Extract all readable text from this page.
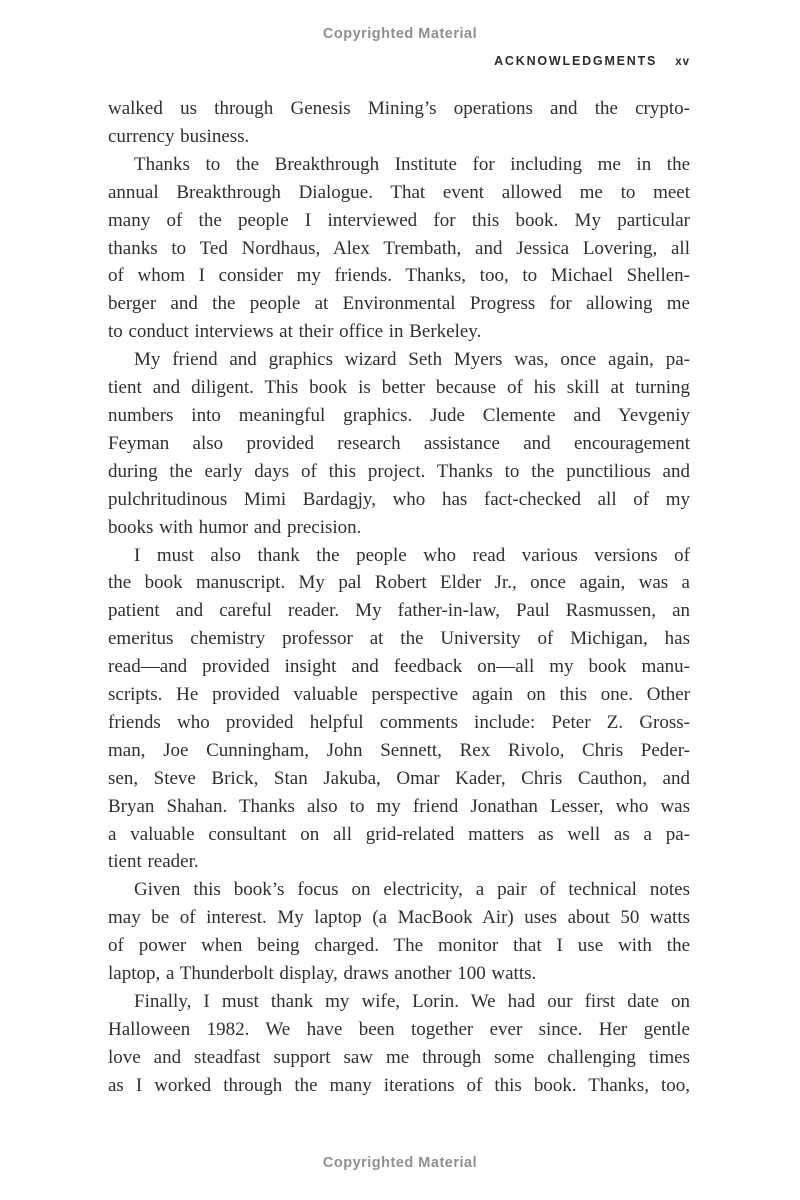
Copyrighted Material
ACKNOWLEDGMENTS xv
walked us through Genesis Mining’s operations and the crypto-
currency business.
Thanks to the Breakthrough Institute for including me in the
annual Breakthrough Dialogue. That event allowed me to meet
many of the people I interviewed for this book. My particular
thanks to Ted Nordhaus, Alex Trembath, and Jessica Lovering, all
of whom I consider my friends. Thanks, too, to Michael Shellen-
berger and the people at Environmental Progress for allowing me
to conduct interviews at their office in Berkeley.
My friend and graphics wizard Seth Myers was, once again, pa-
tient and diligent. This book is better because of his skill at turning
numbers into meaningful graphics. Jude Clemente and Yevgeniy
Feyman also provided research assistance and encouragement
during the early days of this project. Thanks to the punctilious and
pulchritudinous Mimi Bardagjy, who has fact-checked all of my
books with humor and precision.
I must also thank the people who read various versions of
the book manuscript. My pal Robert Elder Jr., once again, was a
patient and careful reader. My father-in-law, Paul Rasmussen, an
emeritus chemistry professor at the University of Michigan, has
read—and provided insight and feedback on—all my book manu-
scripts. He provided valuable perspective again on this one. Other
friends who provided helpful comments include: Peter Z. Gross-
man, Joe Cunningham, John Sennett, Rex Rivolo, Chris Peder-
sen, Steve Brick, Stan Jakuba, Omar Kader, Chris Cauthon, and
Bryan Shahan. Thanks also to my friend Jonathan Lesser, who was
a valuable consultant on all grid-related matters as well as a pa-
tient reader.
Given this book’s focus on electricity, a pair of technical notes
may be of interest. My laptop (a MacBook Air) uses about 50 watts
of power when being charged. The monitor that I use with the
laptop, a Thunderbolt display, draws another 100 watts.
Finally, I must thank my wife, Lorin. We had our first date on
Halloween 1982. We have been together ever since. Her gentle
love and steadfast support saw me through some challenging times
as I worked through the many iterations of this book. Thanks, too,
Copyrighted Material
